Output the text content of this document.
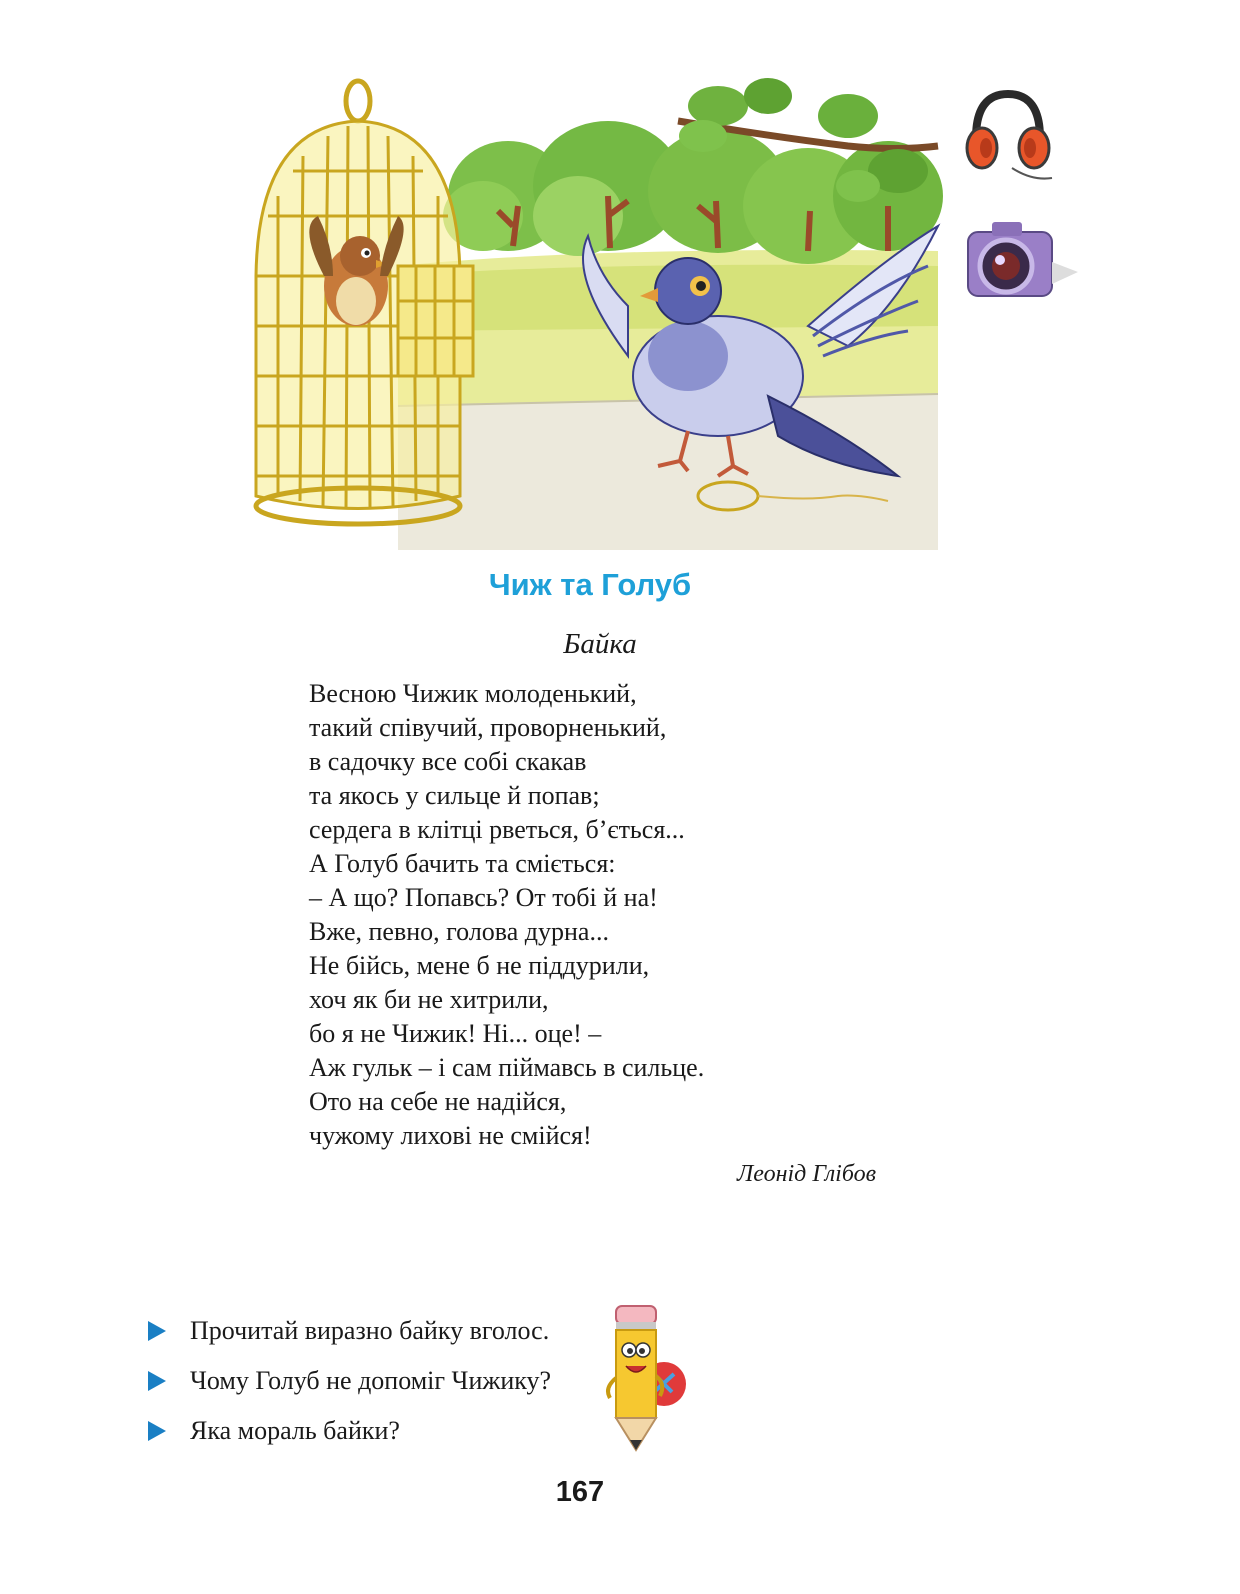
Чиж та Голуб
Байка
Весною Чижик молоденький,
такий співучий, проворненький,
в садочку все собі скакав
та якось у сильце й попав;
сердега в клітці рветься, б’ється...
А Голуб бачить та сміється:
– А що? Попавсь? От тобі й на!
Вже, певно, голова дурна...
Не бійсь, мене б не піддурили,
хоч як би не хитрили,
бо я не Чижик! Ні... оце! –
Аж гульк – і сам піймавсь в сильце.
Ото на себе не надійся,
чужому лихові не смійся!
Леонід Глібов
Прочитай виразно байку вголос.
Чому Голуб не допоміг Чижику?
Яка мораль байки?
167
